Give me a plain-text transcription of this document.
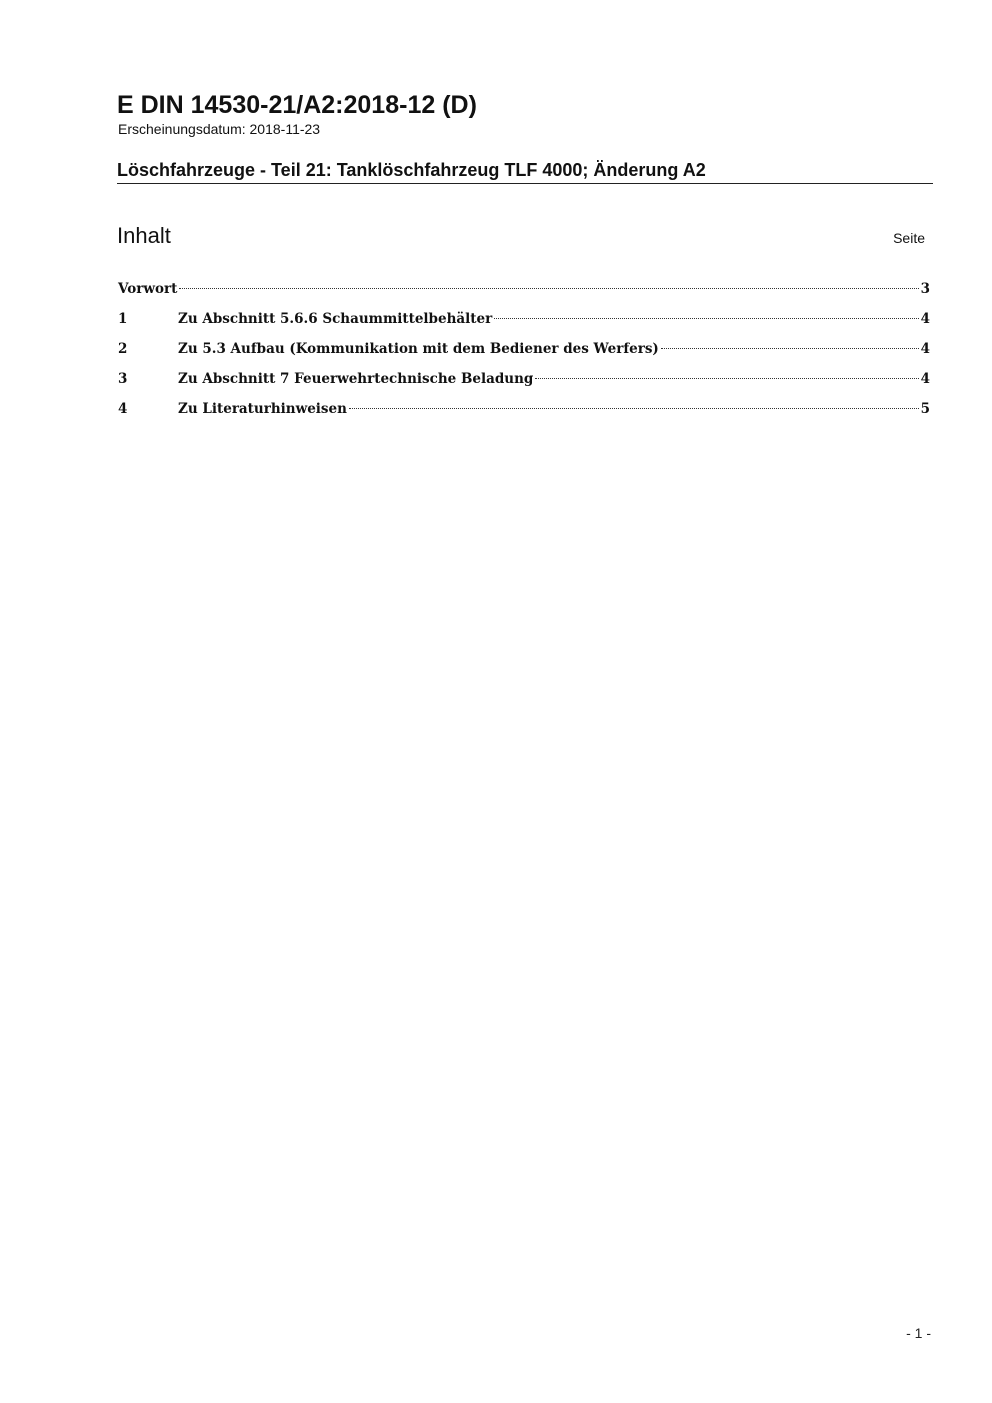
E DIN 14530-21/A2:2018-12 (D)
Erscheinungsdatum: 2018-11-23
Löschfahrzeuge - Teil 21: Tanklöschfahrzeug TLF 4000; Änderung A2
Inhalt	Seite
Vorwort	3
1	Zu Abschnitt 5.6.6 Schaummittelbehälter	4
2	Zu 5.3 Aufbau (Kommunikation mit dem Bediener des Werfers)	4
3	Zu Abschnitt 7 Feuerwehrtechnische Beladung	4
4	Zu Literaturhinweisen	5
- 1 -
